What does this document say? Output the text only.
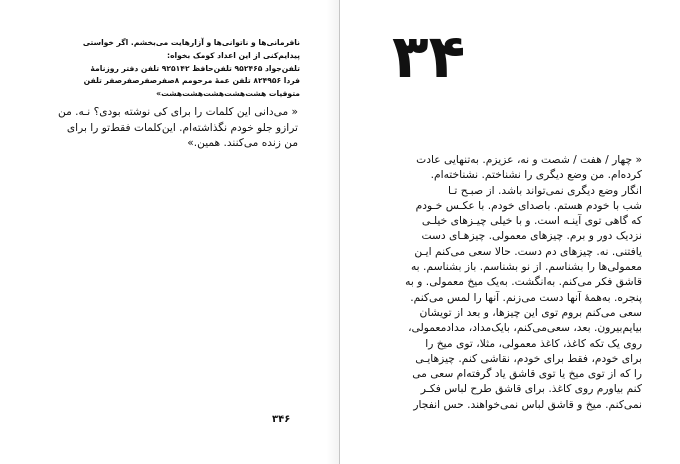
نافرمانی‌ها و ناتوانی‌ها و آزارهایت می‌بخشم. اگر خواستی
پیدایم‌کنی از این اعداد کومک بخواه:
تلفن‌جواد ۹۵۲۴۶۵ تلفن‌حافظ ۹۲۵۱۴۲ تلفن دفتر روزنامهٔ
فردا ۸۲۴۹۵۶ تلفن عمهٔ مرحومم ۸صفرصفرصفرصفر تلفن
متوفیات هشت‌هشت‌هشت‌هشت‌هشت‌»
« می‌دانی این کلمات را برای کی نوشته بودی؟ نـه. من
ترازو جلو خودم نگذاشته‌ام. این‌کلمات فقط‌تو را برای
من زنده می‌کنند. همین.»
۳۴۶
۳۴
« چهار / هفت / شصت و نه، عزیزم. به‌تنهایی عادت
کرده‌ام. من وضع دیگری را نشناختم. نشناخته‌ام.
انگار وضع دیگری نمی‌تواند باشد. از صبـح تـا
شب با خودم هستم. با‌صدای خودم. با عکـس خـودم
که گاهی توی آینـه است. و با خیلی چیـزهای خیلـی
نزدیک دور و برم. چیزهای معمولی. چیزهـای دست
یافتنی. نه. چیزهای دم دست. حالا سعی می‌کنم ایـن
معمولی‌ها را بشناسم. از نو بشناسم. باز بشناسم. به
قاشق فکر می‌کنم. به‌انگشت. به‌یک میخ معمولی. و به
پنجره. به‌همهٔ آنها دست می‌زنم. آنها را لمس می‌کنم.
سعی می‌کنم بروم توی این چیزها، و بعد از تویشان
بیایم‌بیرون. بعد، سعی‌می‌کنم، بایک‌مداد، مدادمعمولی،
روی یک تکه کاغذ، کاغذ معمولی، مثلا، توی میخ را
برای خودم، فقط برای خودم، نقاشی کنم. چیزهایـی
را که از توی میخ یا توی قاشق یاد گرفته‌ام سعی می
کنم بیاورم روی کاغذ. برای قاشق طرح لباس فکـر
نمی‌کنم. میخ و قاشق لباس نمی‌خواهند. حس انفجار
